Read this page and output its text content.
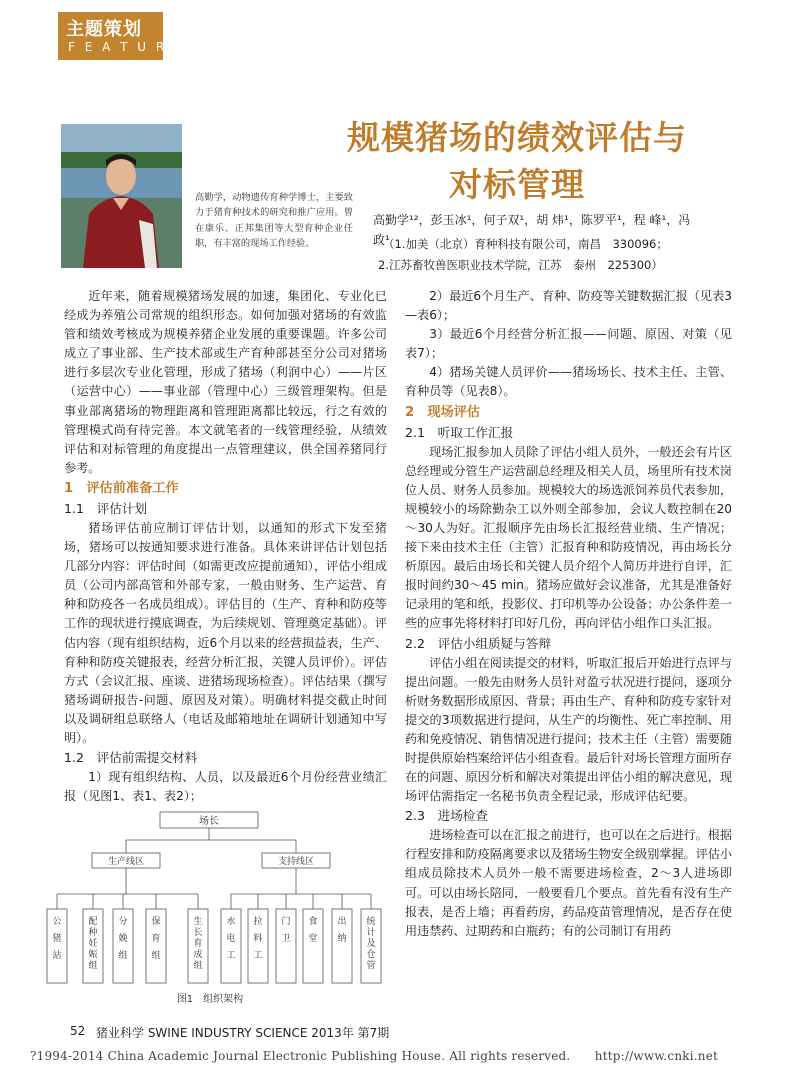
主题策划
F E A T U R E
高勤学，动物遗传育种学博士，主要致力于猪育种技术的研究和推广应用。曾在康乐、正邦集团等大型育种企业任职，有丰富的现场工作经验。
规模猪场的绩效评估与
对标管理
高勤学¹²，彭玉冰¹，何子双¹，胡 炜¹，陈罗平¹，程 峰¹，冯 政¹
（1.加美（北京）育种科技有限公司，南昌　330096；
2.江苏畜牧兽医职业技术学院，江苏　泰州　225300）

近年来，随着规模猪场发展的加速，集团化、专业化已经成为养殖公司常规的组织形态。如何加强对猪场的有效监管和绩效考核成为规模养猪企业发展的重要课题。许多公司成立了事业部、生产技术部或生产育种部甚至分公司对猪场进行多层次专业化管理，形成了猪场（利润中心）——片区（运营中心）——事业部（管理中心）三级管理架构。但是事业部离猪场的物理距离和管理距离都比较远，行之有效的管理模式尚有待完善。本文就笔者的一线管理经验，从绩效评估和对标管理的角度提出一点管理建议，供全国养猪同行参考。

1　评估前准备工作

1.1　评估计划

猪场评估前应制订评估计划，以通知的形式下发至猪场，猪场可以按通知要求进行准备。具体来讲评估计划包括几部分内容：评估时间（如需更改应提前通知），评估小组成员（公司内部高管和外部专家，一般由财务、生产运营、育种和防疫各一名成员组成）。评估目的（生产、育种和防疫等工作的现状进行摸底调查，为后续规划、管理奠定基础）。评估内容（现有组织结构，近6个月以来的经营损益表，生产、育种和防疫关键报表，经营分析汇报，关键人员评价）。评估方式（会议汇报、座谈、进猪场现场检查）。评估结果（撰写猪场调研报告-问题、原因及对策）。明确材料提交截止时间以及调研组总联络人（电话及邮箱地址在调研计划通知中写明）。

1.2　评估前需提交材料

1）现有组织结构、人员，以及最近6个月份经营业绩汇报（见图1、表1、表2）；

2）最近6个月生产、育种、防疫等关键数据汇报（见表3—表6）；

3）最近6个月经营分析汇报——问题、原因、对策（见表7）；

4）猪场关键人员评价——猪场场长、技术主任、主管、育种员等（见表8）。

2　现场评估

2.1　听取工作汇报

现场汇报参加人员除了评估小组人员外，一般还会有片区总经理或分管生产运营副总经理及相关人员，场里所有技术岗位人员、财务人员参加。规模较大的场选派饲养员代表参加，规模较小的场除勤杂工以外则全部参加，会议人数控制在20～30人为好。汇报顺序先由场长汇报经营业绩、生产情况；接下来由技术主任（主管）汇报育种和防疫情况，再由场长分析原因。最后由场长和关键人员介绍个人简历并进行自评，汇报时间约30～45 min。猪场应做好会议准备，尤其是准备好记录用的笔和纸，投影仪、打印机等办公设备；办公条件差一些的应事先将材料打印好几份，再向评估小组作口头汇报。

2.2　评估小组质疑与答辩

评估小组在阅读提交的材料，听取汇报后开始进行点评与提出问题。一般先由财务人员针对盈亏状况进行提问，逐项分析财务数据形成原因、背景；再由生产、育种和防疫专家针对提交的3项数据进行提问，从生产的均衡性、死亡率控制、用药和免疫情况、销售情况进行提问；技术主任（主管）需要随时提供原始档案给评估小组查看。最后针对场长管理方面所存在的问题、原因分析和解决对策提出评估小组的解决意见，现场评估需指定一名秘书负责全程记录，形成评估纪要。

2.3　进场检查

进场检查可以在汇报之前进行，也可以在之后进行。根据行程安排和防疫隔离要求以及猪场生物安全级别掌握。评估小组成员除技术人员外一般不需要进场检查，2～3人进场即可。可以由场长陪同，一般要看几个要点。首先看有没有生产报表，是否上墙；再看药房，药品疫苗管理情况，是否存在使用违禁药、过期药和白瓶药；有的公司制订有用药

场长
生产线区	支持线区
公猪站
配种妊娠组
分娩组
保育组
生长育成组
水电工
拉料工
门卫
食堂
出纳
统计及仓管
图1　组织架构
52 猪业科学 SWINE INDUSTRY SCIENCE 2013年 第7期
?1994-2014 China Academic Journal Electronic Publishing House. All rights reserved.　　http://www.cnki.net
